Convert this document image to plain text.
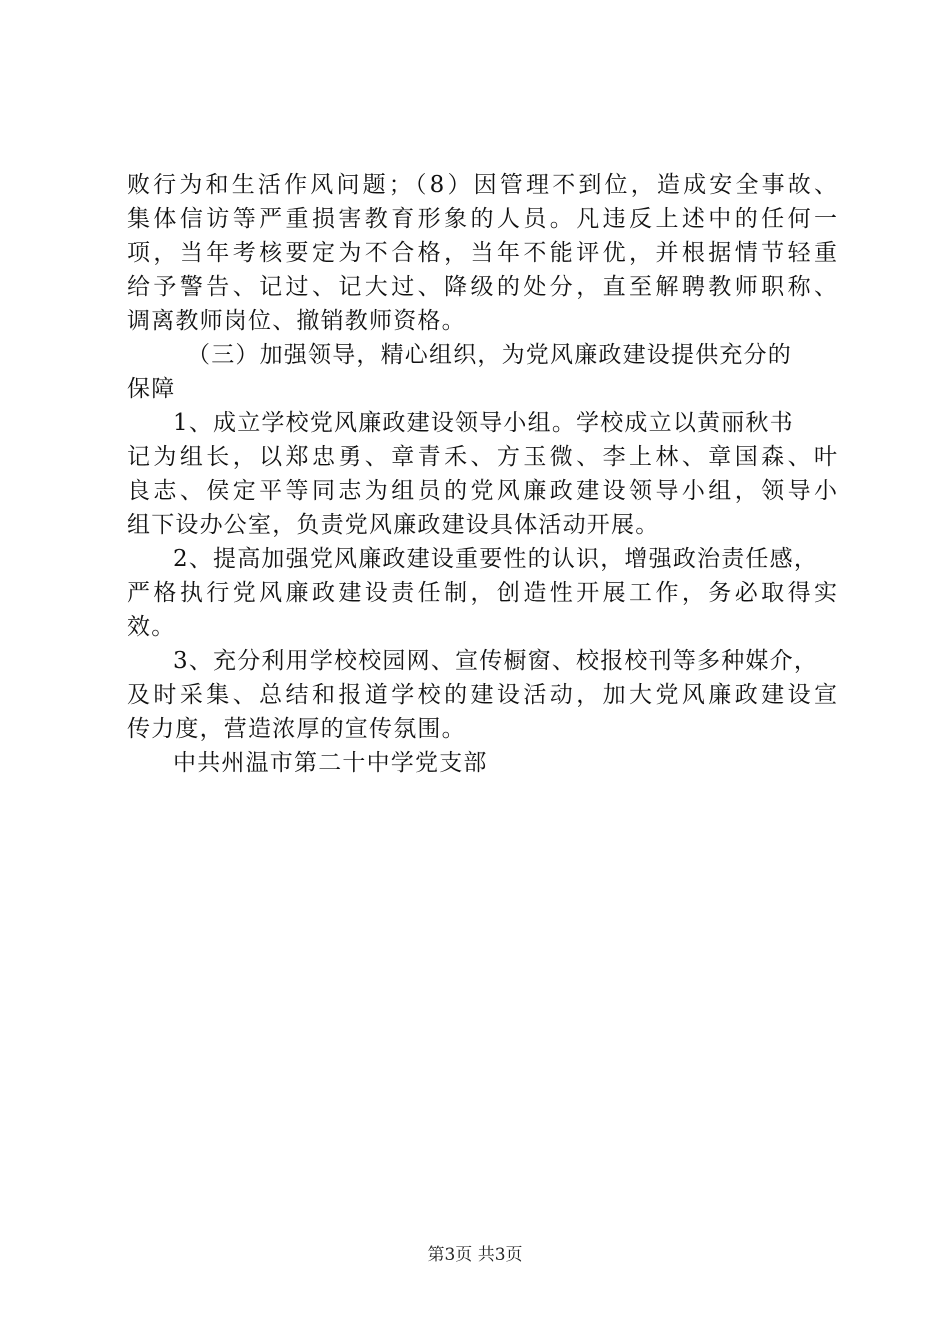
败行为和生活作风问题；（8）因管理不到位，造成安全事故、
集体信访等严重损害教育形象的人员。凡违反上述中的任何一
项，当年考核要定为不合格，当年不能评优，并根据情节轻重
给予警告、记过、记大过、降级的处分，直至解聘教师职称、
调离教师岗位、撤销教师资格。
（三）加强领导，精心组织，为党风廉政建设提供充分的
保障
1、成立学校党风廉政建设领导小组。学校成立以黄丽秋书
记为组长，以郑忠勇、章青禾、方玉微、李上林、章国森、叶
良志、侯定平等同志为组员的党风廉政建设领导小组，领导小
组下设办公室，负责党风廉政建设具体活动开展。
2、提高加强党风廉政建设重要性的认识，增强政治责任感，
严格执行党风廉政建设责任制，创造性开展工作，务必取得实
效。
3、充分利用学校校园网、宣传橱窗、校报校刊等多种媒介，
及时采集、总结和报道学校的建设活动，加大党风廉政建设宣
传力度，营造浓厚的宣传氛围。
中共州温市第二十中学党支部
第3页 共3页
